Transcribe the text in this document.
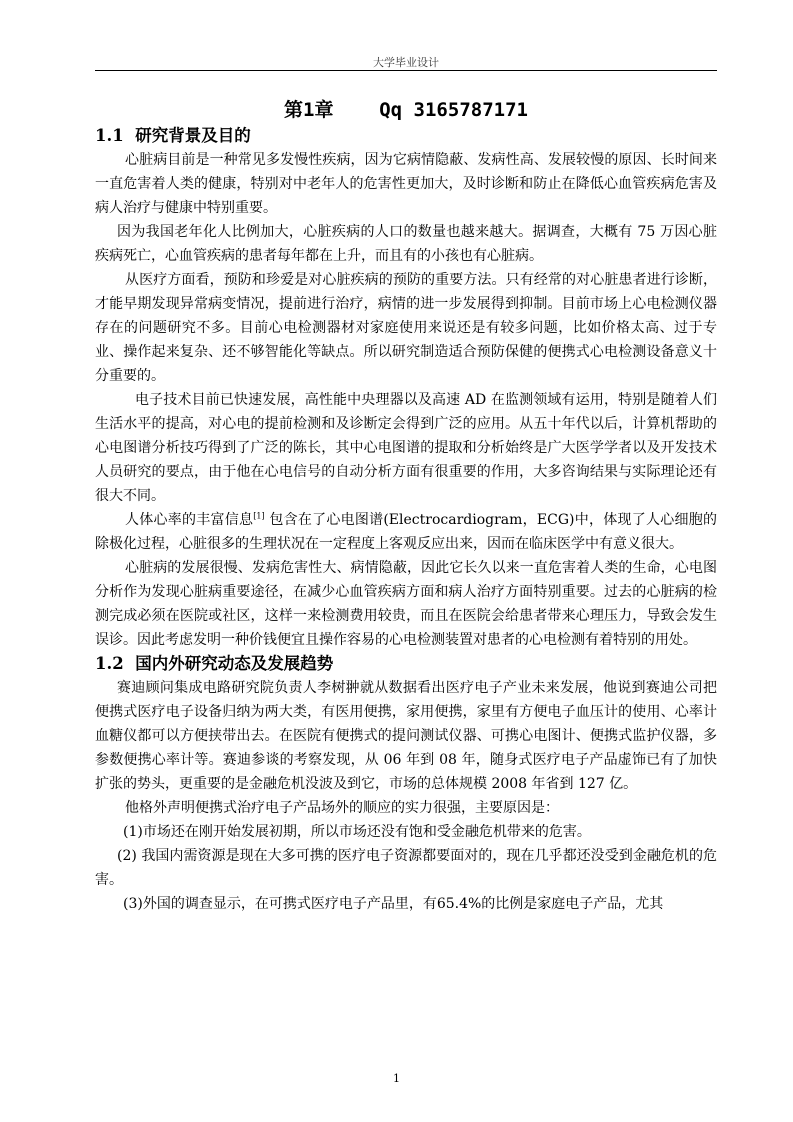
大学毕业设计
第1章    Qq 3165787171
1.1  研究背景及目的

心脏病目前是一种常见多发慢性疾病，因为它病情隐蔽、发病性高、发展较慢的原因、长时间来一直危害着人类的健康，特别对中老年人的危害性更加大，及时诊断和防止在降低心血管疾病危害及病人治疗与健康中特别重要。

因为我国老年化人比例加大，心脏疾病的人口的数量也越来越大。据调查，大概有 75 万因心脏疾病死亡，心血管疾病的患者每年都在上升，而且有的小孩也有心脏病。

从医疗方面看，预防和珍爱是对心脏疾病的预防的重要方法。只有经常的对心脏患者进行诊断，才能早期发现异常病变情况，提前进行治疗，病情的进一步发展得到抑制。目前市场上心电检测仪器存在的问题研究不多。目前心电检测器材对家庭使用来说还是有较多问题，比如价格太高、过于专业、操作起来复杂、还不够智能化等缺点。所以研究制造适合预防保健的便携式心电检测设备意义十分重要的。

电子技术目前已快速发展，高性能中央理器以及高速 AD 在监测领域有运用，特别是随着人们生活水平的提高，对心电的提前检测和及诊断定会得到广泛的应用。从五十年代以后，计算机帮助的心电图谱分析技巧得到了广泛的陈长，其中心电图谱的提取和分析始终是广大医学学者以及开发技术人员研究的要点，由于他在心电信号的自动分析方面有很重要的作用，大多咨询结果与实际理论还有很大不同。

人体心率的丰富信息[1] 包含在了心电图谱(Electrocardiogram，ECG)中，体现了人心细胞的除极化过程，心脏很多的生理状况在一定程度上客观反应出来，因而在临床医学中有意义很大。

心脏病的发展很慢、发病危害性大、病情隐蔽，因此它长久以来一直危害着人类的生命，心电图分析作为发现心脏病重要途径，在减少心血管疾病方面和病人治疗方面特别重要。过去的心脏病的检测完成必须在医院或社区，这样一来检测费用较贵，而且在医院会给患者带来心理压力，导致会发生误诊。因此考虑发明一种价钱便宜且操作容易的心电检测装置对患者的心电检测有着特别的用处。

1.2  国内外研究动态及发展趋势

赛迪顾问集成电路研究院负责人李树翀就从数据看出医疗电子产业未来发展，他说到赛迪公司把便携式医疗电子设备归纳为两大类，有医用便携，家用便携，家里有方便电子血压计的使用、心率计血糖仪都可以方便挟带出去。在医院有便携式的提问测试仪器、可携心电图计、便携式监护仪器，多参数便携心率计等。赛迪参谈的考察发现，从 06 年到 08 年，随身式医疗电子产品虚饰已有了加快扩张的势头，更重要的是金融危机没波及到它，市场的总体规模 2008 年省到 127 亿。

他格外声明便携式治疗电子产品场外的顺应的实力很强，主要原因是：

(1)市场还在刚开始发展初期，所以市场还没有饱和受金融危机带来的危害。

(2) 我国内需资源是现在大多可携的医疗电子资源都要面对的，现在几乎都还没受到金融危机的危害。

(3)外国的调查显示，在可携式医疗电子产品里，有65.4%的比例是家庭电子产品，尤其

1
